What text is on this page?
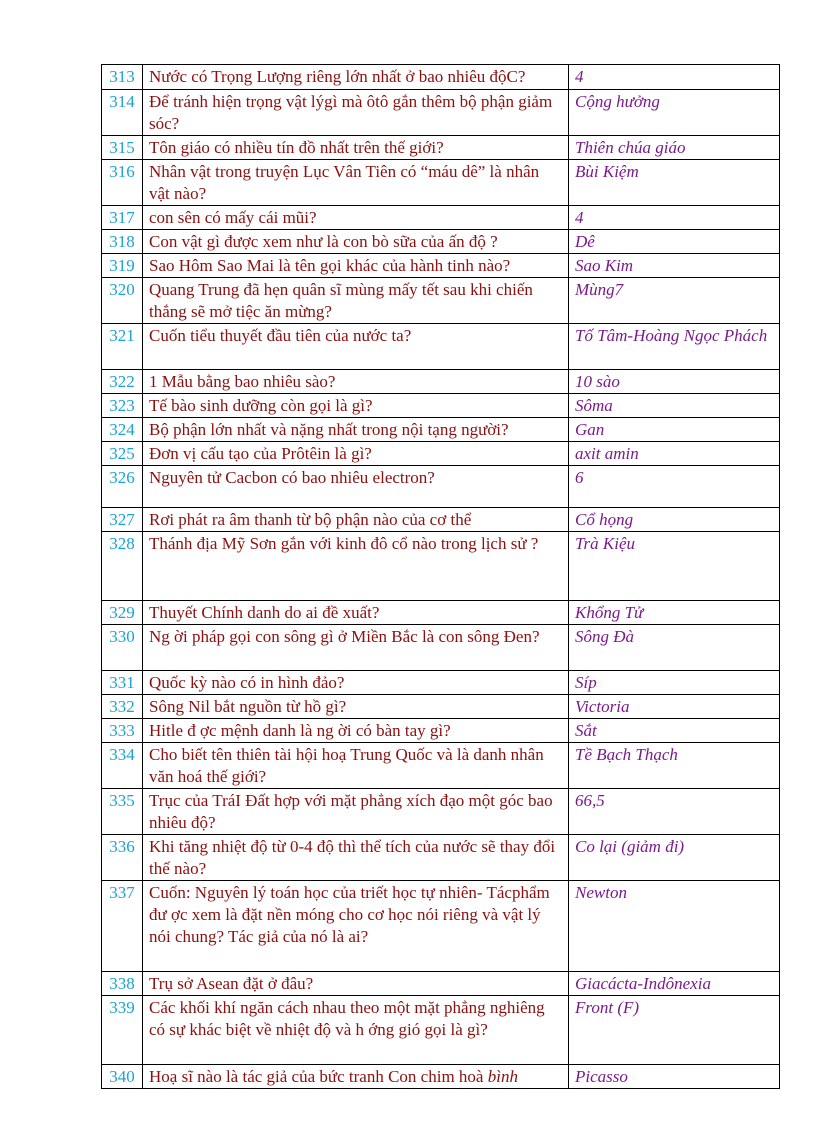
313	Nước có Trọng Lượng riêng lớn nhất ở bao nhiêu độC?	4
314	Để tránh hiện trọng vật lýgì mà ôtô gắn thêm bộ phận giảm sóc?	Cộng hưởng
315	Tôn giáo có nhiều tín đồ nhất trên thế giới?	Thiên chúa giáo
316	Nhân vật trong truyện Lục Vân Tiên có “máu dê” là nhân vật nào?	Bùi Kiệm
317	con sên có mấy cái mũi?	4
318	Con vật gì được xem như là con bò sữa của ấn độ ?	Dê
319	Sao Hôm Sao Mai là tên gọi khác của hành tinh nào?	Sao Kim
320	Quang Trung đã hẹn quân sĩ mùng mấy tết sau khi chiến thắng sẽ mở tiệc ăn mừng?	Mùng7
321	Cuốn tiểu thuyết đầu tiên của nước ta?	Tố Tâm-Hoàng Ngọc Phách
322	1 Mẫu bằng bao nhiêu sào?	10 sào
323	Tế bào sinh dưỡng còn gọi là gì?	Sôma
324	Bộ phận lớn nhất và nặng nhất trong nội tạng người?	Gan
325	Đơn vị cấu tạo của Prôtêin là gì?	axit amin
326	Nguyên tử Cacbon có bao nhiêu electron?	6
327	Rơi phát ra âm thanh từ bộ phận nào của cơ thể	Cổ họng
328	Thánh địa Mỹ Sơn gắn với kinh đô cổ nào trong lịch sử ?	Trà Kiệu
329	Thuyết Chính danh do ai đề xuất?	Khổng Tử
330	Ng ời pháp gọi con sông gì ở Miền Bắc là con sông Đen?	Sông Đà
331	Quốc kỳ nào có in hình đảo?	Síp
332	Sông Nil bắt nguồn từ hồ gì?	Victoria
333	Hitle đ ợc mệnh danh là ng ời có bàn tay gì?	Sắt
334	Cho biết tên thiên tài hội hoạ Trung Quốc và là danh nhân văn hoá thế giới?	Tề Bạch Thạch
335	Trục của TráI Đất hợp với mặt phẳng xích đạo một góc bao nhiêu độ?	66,5
336	Khi tăng nhiệt độ từ 0-4 độ thì thể tích của nước sẽ thay đổi thế nào?	Co lại (giảm đi)
337	Cuốn: Nguyên lý toán học của triết học tự nhiên- Tácphẩm đư ợc xem là đặt nền móng cho cơ học nói riêng và vật lý nói chung? Tác giả của nó là ai?	Newton
338	Trụ sở Asean đặt ở đâu?	Giacácta-Indônexia
339	Các khối khí ngăn cách nhau theo một mặt phẳng nghiêng có sự khác biệt về nhiệt độ và h ớng gió gọi là gì?	Front (F)
340	Hoạ sĩ nào là tác giả của bức tranh Con chim hoà bình	Picasso
